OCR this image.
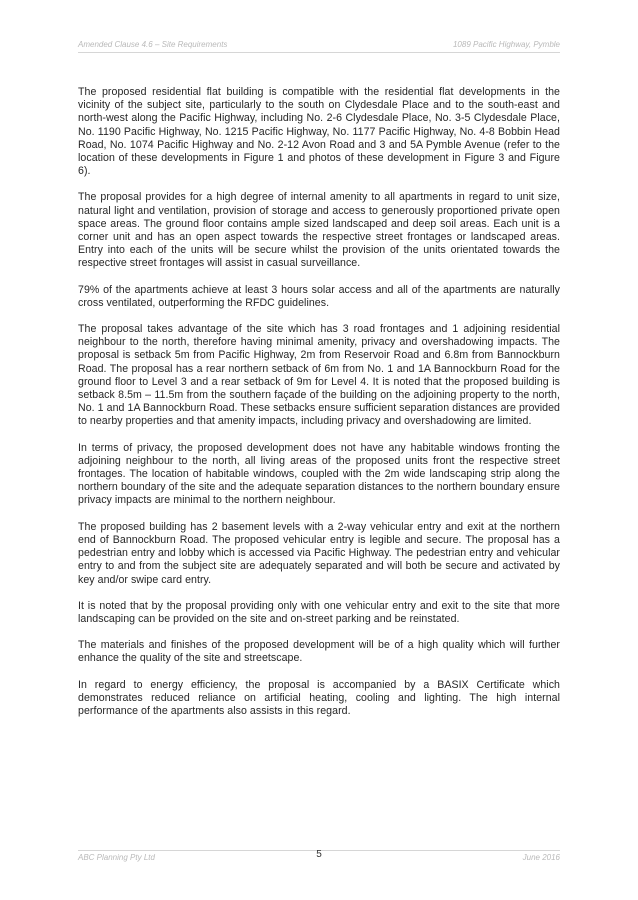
Amended Clause 4.6 – Site Requirements	1089 Pacific Highway, Pymble

The proposed residential flat building is compatible with the residential flat developments in the vicinity of the subject site, particularly to the south on Clydesdale Place and to the south-east and north-west along the Pacific Highway, including No. 2-6 Clydesdale Place, No. 3-5 Clydesdale Place, No. 1190 Pacific Highway, No. 1215 Pacific Highway, No. 1177 Pacific Highway, No. 4-8 Bobbin Head Road, No. 1074 Pacific Highway and No. 2-12 Avon Road and 3 and 5A Pymble Avenue (refer to the location of these developments in Figure 1 and photos of these development in Figure 3 and Figure 6).

The proposal provides for a high degree of internal amenity to all apartments in regard to unit size, natural light and ventilation, provision of storage and access to generously proportioned private open space areas. The ground floor contains ample sized landscaped and deep soil areas. Each unit is a corner unit and has an open aspect towards the respective street frontages or landscaped areas. Entry into each of the units will be secure whilst the provision of the units orientated towards the respective street frontages will assist in casual surveillance.

79% of the apartments achieve at least 3 hours solar access and all of the apartments are naturally cross ventilated, outperforming the RFDC guidelines.

The proposal takes advantage of the site which has 3 road frontages and 1 adjoining residential neighbour to the north, therefore having minimal amenity, privacy and overshadowing impacts. The proposal is setback 5m from Pacific Highway, 2m from Reservoir Road and 6.8m from Bannockburn Road. The proposal has a rear northern setback of 6m from No. 1 and 1A Bannockburn Road for the ground floor to Level 3 and a rear setback of 9m for Level 4. It is noted that the proposed building is setback 8.5m – 11.5m from the southern façade of the building on the adjoining property to the north, No. 1 and 1A Bannockburn Road. These setbacks ensure sufficient separation distances are provided to nearby properties and that amenity impacts, including privacy and overshadowing are limited.

In terms of privacy, the proposed development does not have any habitable windows fronting the adjoining neighbour to the north, all living areas of the proposed units front the respective street frontages. The location of habitable windows, coupled with the 2m wide landscaping strip along the northern boundary of the site and the adequate separation distances to the northern boundary ensure privacy impacts are minimal to the northern neighbour.

The proposed building has 2 basement levels with a 2-way vehicular entry and exit at the northern end of Bannockburn Road. The proposed vehicular entry is legible and secure. The proposal has a pedestrian entry and lobby which is accessed via Pacific Highway. The pedestrian entry and vehicular entry to and from the subject site are adequately separated and will both be secure and activated by key and/or swipe card entry.

It is noted that by the proposal providing only with one vehicular entry and exit to the site that more landscaping can be provided on the site and on-street parking and be reinstated.

The materials and finishes of the proposed development will be of a high quality which will further enhance the quality of the site and streetscape.

In regard to energy efficiency, the proposal is accompanied by a BASIX Certificate which demonstrates reduced reliance on artificial heating, cooling and lighting. The high internal performance of the apartments also assists in this regard.

ABC Planning Pty Ltd	5	June 2016
